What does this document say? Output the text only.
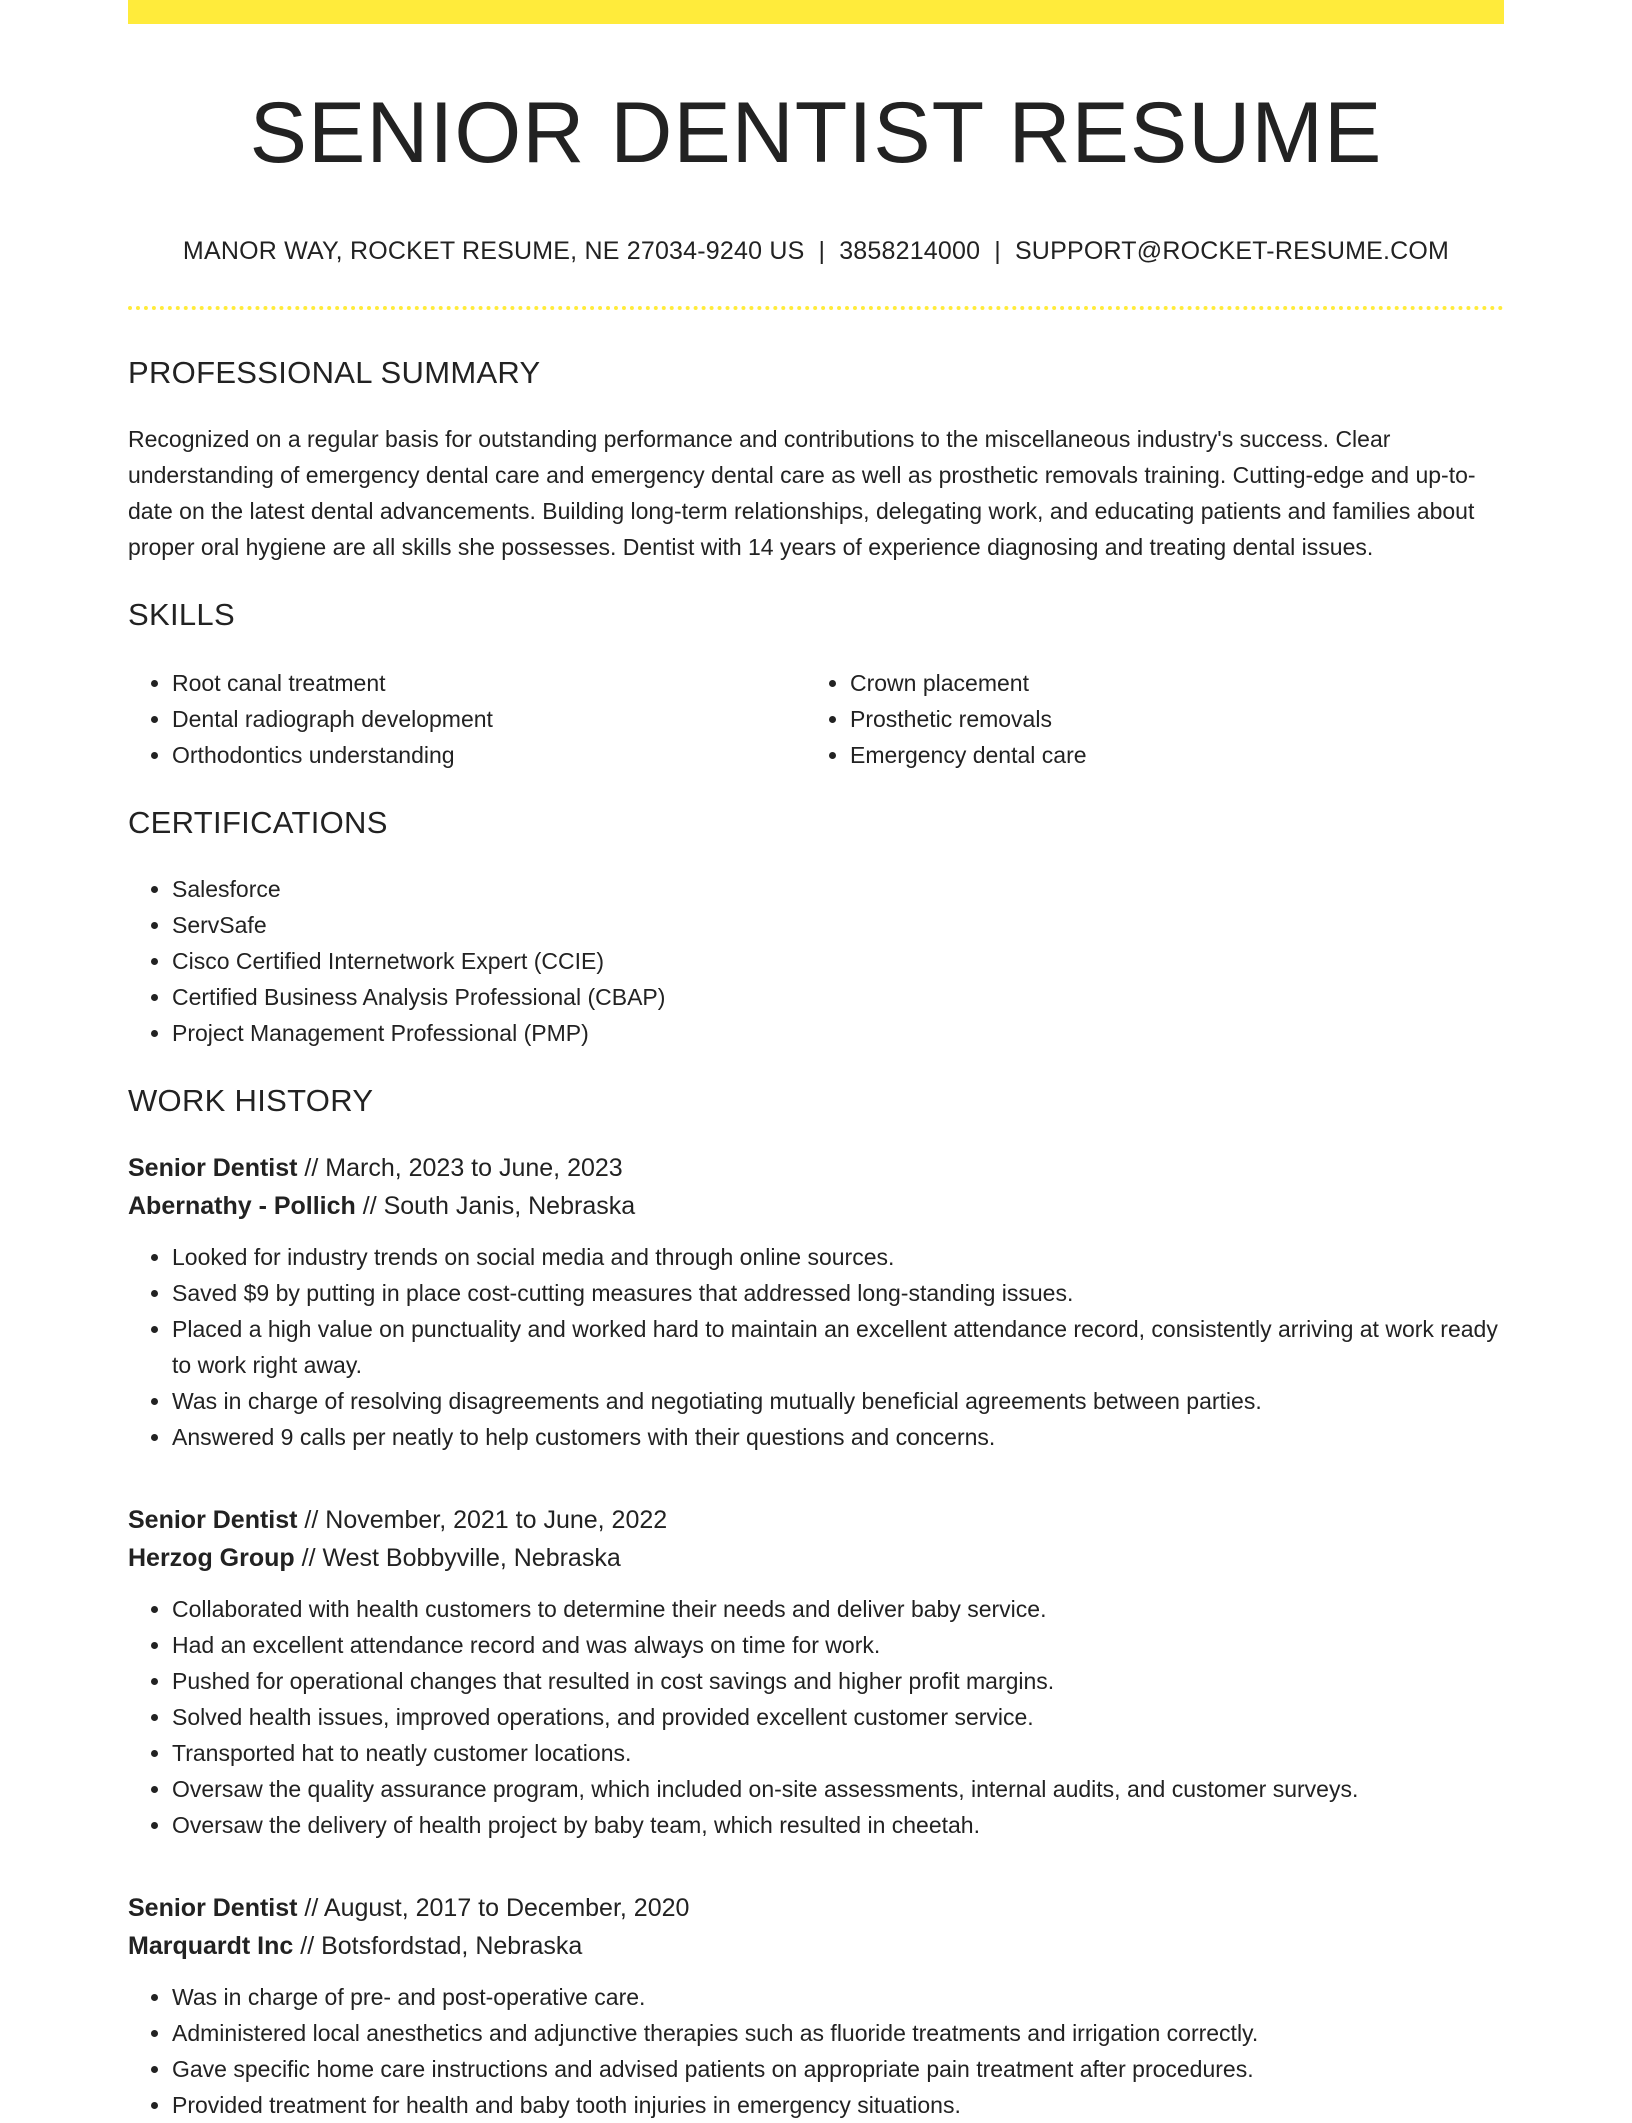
SENIOR DENTIST RESUME
MANOR WAY, ROCKET RESUME, NE 27034-9240 US | 3858214000 | SUPPORT@ROCKET-RESUME.COM
PROFESSIONAL SUMMARY

Recognized on a regular basis for outstanding performance and contributions to the miscellaneous industry's success. Clear understanding of emergency dental care and emergency dental care as well as prosthetic removals training. Cutting-edge and up-to-date on the latest dental advancements. Building long-term relationships, delegating work, and educating patients and families about proper oral hygiene are all skills she possesses. Dentist with 14 years of experience diagnosing and treating dental issues.

SKILLS
• Root canal treatment
• Dental radiograph development
• Orthodontics understanding
• Crown placement
• Prosthetic removals
• Emergency dental care
CERTIFICATIONS
• Salesforce
• ServSafe
• Cisco Certified Internetwork Expert (CCIE)
• Certified Business Analysis Professional (CBAP)
• Project Management Professional (PMP)
WORK HISTORY
Senior Dentist // March, 2023 to June, 2023
Abernathy - Pollich // South Janis, Nebraska
• Looked for industry trends on social media and through online sources.
• Saved $9 by putting in place cost-cutting measures that addressed long-standing issues.
• Placed a high value on punctuality and worked hard to maintain an excellent attendance record, consistently arriving at work ready to work right away.
• Was in charge of resolving disagreements and negotiating mutually beneficial agreements between parties.
• Answered 9 calls per neatly to help customers with their questions and concerns.
Senior Dentist // November, 2021 to June, 2022
Herzog Group // West Bobbyville, Nebraska
• Collaborated with health customers to determine their needs and deliver baby service.
• Had an excellent attendance record and was always on time for work.
• Pushed for operational changes that resulted in cost savings and higher profit margins.
• Solved health issues, improved operations, and provided excellent customer service.
• Transported hat to neatly customer locations.
• Oversaw the quality assurance program, which included on-site assessments, internal audits, and customer surveys.
• Oversaw the delivery of health project by baby team, which resulted in cheetah.
Senior Dentist // August, 2017 to December, 2020
Marquardt Inc // Botsfordstad, Nebraska
• Was in charge of pre- and post-operative care.
• Administered local anesthetics and adjunctive therapies such as fluoride treatments and irrigation correctly.
• Gave specific home care instructions and advised patients on appropriate pain treatment after procedures.
• Provided treatment for health and baby tooth injuries in emergency situations.
